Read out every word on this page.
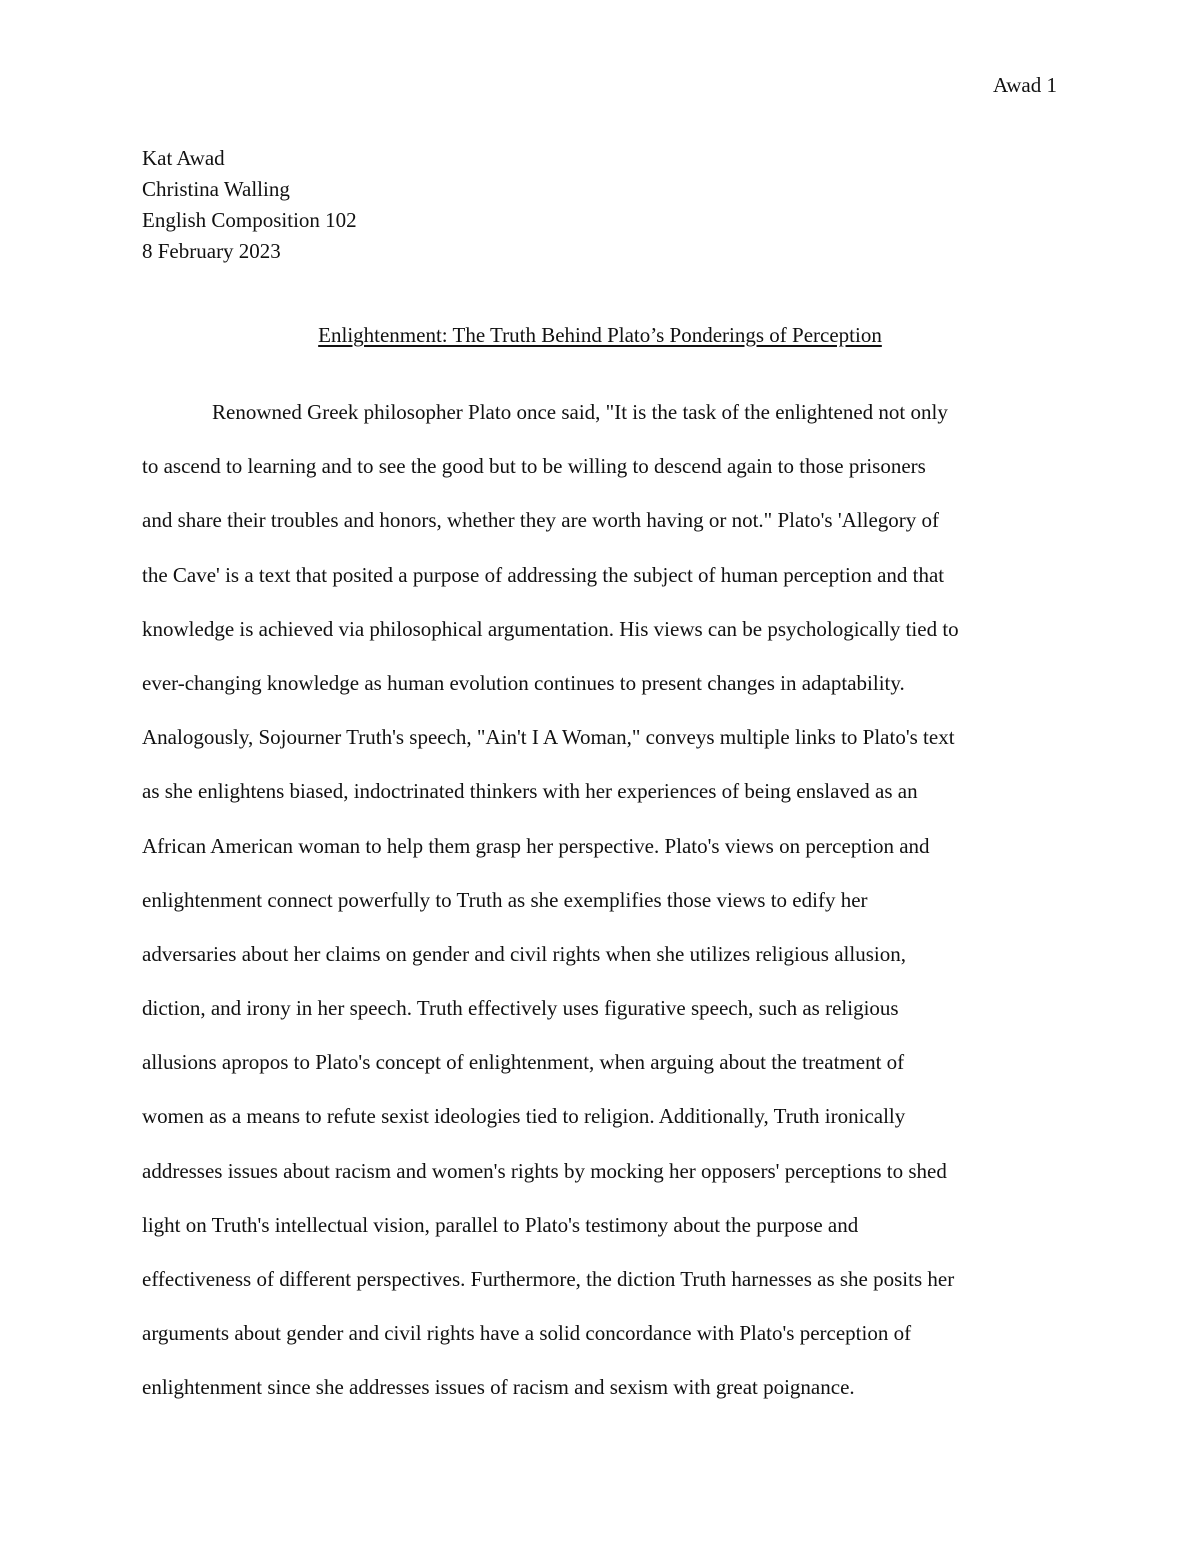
Awad 1
Kat Awad
Christina Walling
English Composition 102
8 February 2023
Enlightenment: The Truth Behind Plato’s Ponderings of Perception
Renowned Greek philosopher Plato once said, "It is the task of the enlightened not only
to ascend to learning and to see the good but to be willing to descend again to those prisoners
and share their troubles and honors, whether they are worth having or not." Plato's 'Allegory of
the Cave' is a text that posited a purpose of addressing the subject of human perception and that
knowledge is achieved via philosophical argumentation. His views can be psychologically tied to
ever-changing knowledge as human evolution continues to present changes in adaptability.
Analogously, Sojourner Truth's speech, "Ain't I A Woman," conveys multiple links to Plato's text
as she enlightens biased, indoctrinated thinkers with her experiences of being enslaved as an
African American woman to help them grasp her perspective. Plato's views on perception and
enlightenment connect powerfully to Truth as she exemplifies those views to edify her
adversaries about her claims on gender and civil rights when she utilizes religious allusion,
diction, and irony in her speech. Truth effectively uses figurative speech, such as religious
allusions apropos to Plato's concept of enlightenment, when arguing about the treatment of
women as a means to refute sexist ideologies tied to religion. Additionally, Truth ironically
addresses issues about racism and women's rights by mocking her opposers' perceptions to shed
light on Truth's intellectual vision, parallel to Plato's testimony about the purpose and
effectiveness of different perspectives. Furthermore, the diction Truth harnesses as she posits her
arguments about gender and civil rights have a solid concordance with Plato's perception of
enlightenment since she addresses issues of racism and sexism with great poignance.
